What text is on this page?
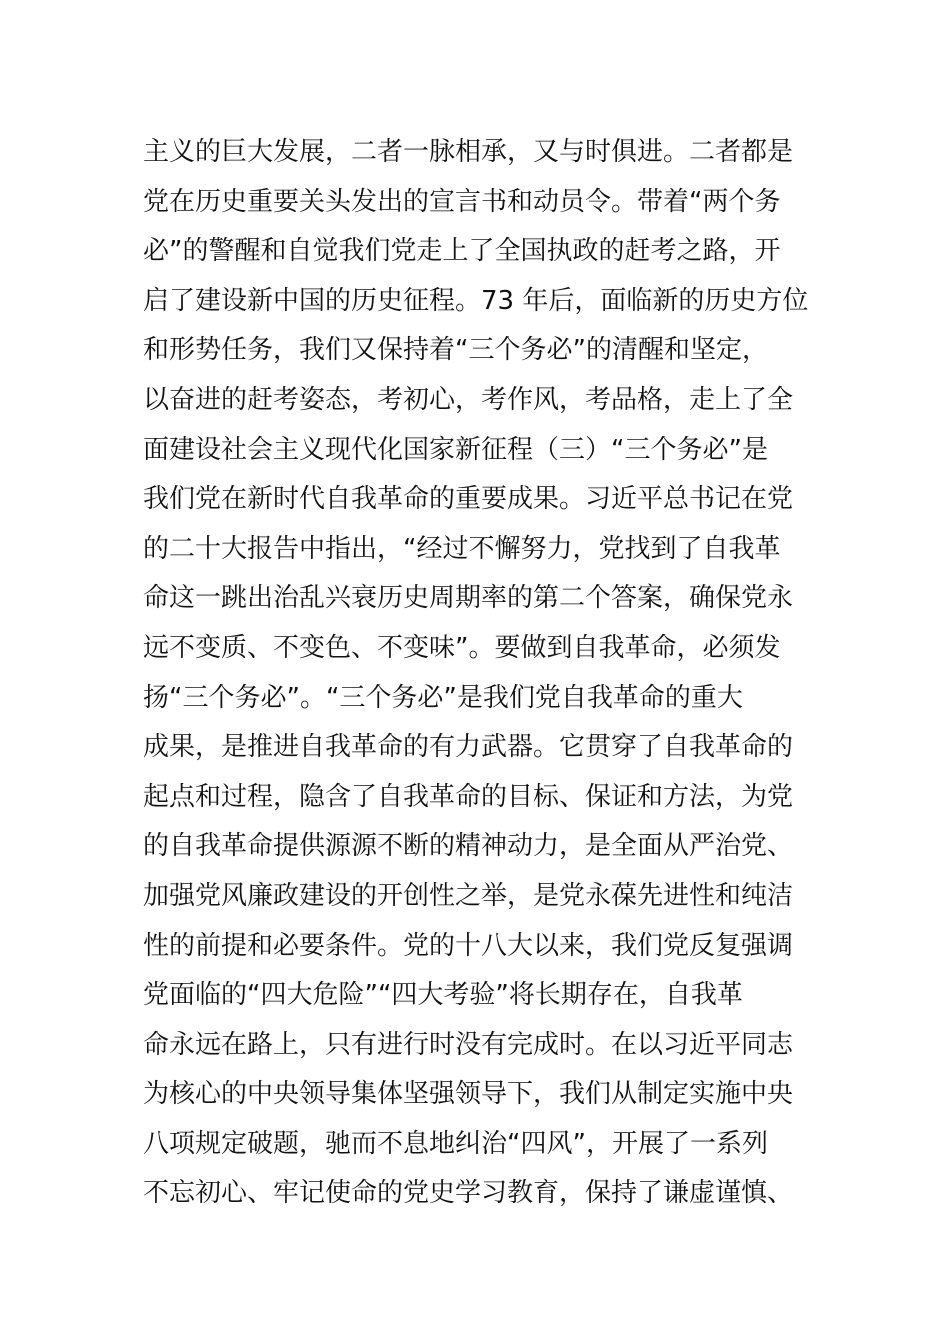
主义的巨大发展，二者一脉相承，又与时俱进。二者都是
党在历史重要关头发出的宣言书和动员令。带着“两个务
必”的警醒和自觉我们党走上了全国执政的赶考之路，开
启了建设新中国的历史征程。73 年后，面临新的历史方位
和形势任务，我们又保持着“三个务必”的清醒和坚定，
以奋进的赶考姿态，考初心，考作风，考品格，走上了全
面建设社会主义现代化国家新征程（三）“三个务必”是
我们党在新时代自我革命的重要成果。习近平总书记在党
的二十大报告中指出，“经过不懈努力，党找到了自我革
命这一跳出治乱兴衰历史周期率的第二个答案，确保党永
远不变质、不变色、不变味”。要做到自我革命，必须发
扬“三个务必”。“三个务必”是我们党自我革命的重大
成果，是推进自我革命的有力武器。它贯穿了自我革命的
起点和过程，隐含了自我革命的目标、保证和方法，为党
的自我革命提供源源不断的精神动力，是全面从严治党、
加强党风廉政建设的开创性之举，是党永葆先进性和纯洁
性的前提和必要条件。党的十八大以来，我们党反复强调
党面临的“四大危险”“四大考验”将长期存在，自我革
命永远在路上，只有进行时没有完成时。在以习近平同志
为核心的中央领导集体坚强领导下，我们从制定实施中央
八项规定破题，驰而不息地纠治“四风”，开展了一系列
不忘初心、牢记使命的党史学习教育，保持了谦虚谨慎、
